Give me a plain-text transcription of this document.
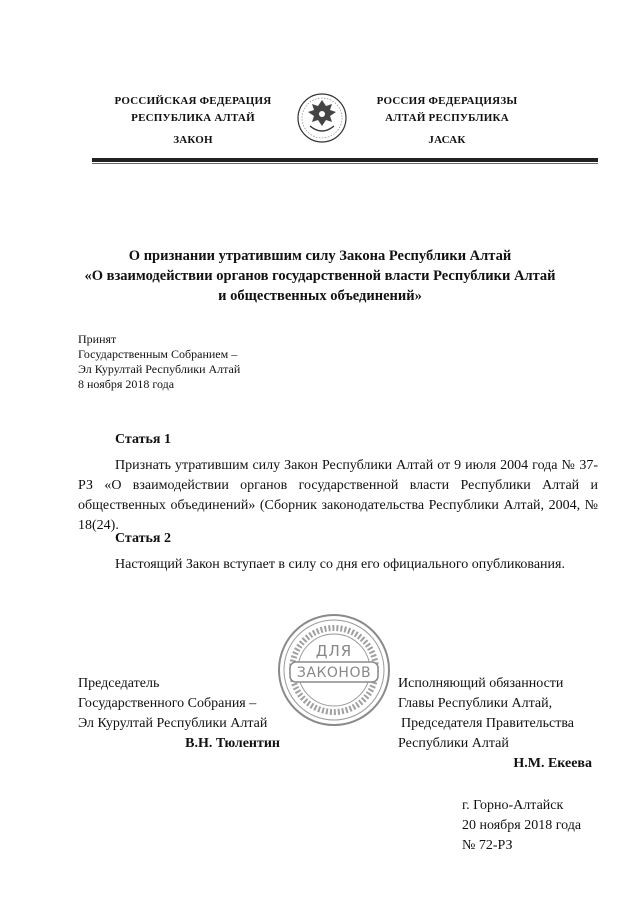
РОССИЙСКАЯ ФЕДЕРАЦИЯ
РЕСПУБЛИКА АЛТАЙ
ЗАКОН
РОССИЯ ФЕДЕРАЦИЯЗЫ
АЛТАЙ РЕСПУБЛИКА
JАСАК
О признании утратившим силу Закона Республики Алтай
«О взаимодействии органов государственной власти Республики Алтай
и общественных объединений»
Принят
Государственным Собранием –
Эл Курултай Республики Алтай
8 ноября 2018 года
Статья 1
Признать утратившим силу Закон Республики Алтай от 9 июля 2004 года № 37-РЗ «О взаимодействии органов государственной власти Республики Алтай и общественных объединений» (Сборник законодательства Республики Алтай, 2004, № 18(24).
Статья 2
Настоящий Закон вступает в силу со дня его официального опубликования.
ДЛЯ
ЗАКОНОВ
Председатель
Государственного Собрания –
Эл Курултай Республики Алтай
В.Н. Тюлентин
Исполняющий обязанности
Главы Республики Алтай,
Председателя Правительства
Республики Алтай
Н.М. Екеева
г. Горно-Алтайск
20 ноября 2018 года
№ 72-РЗ
